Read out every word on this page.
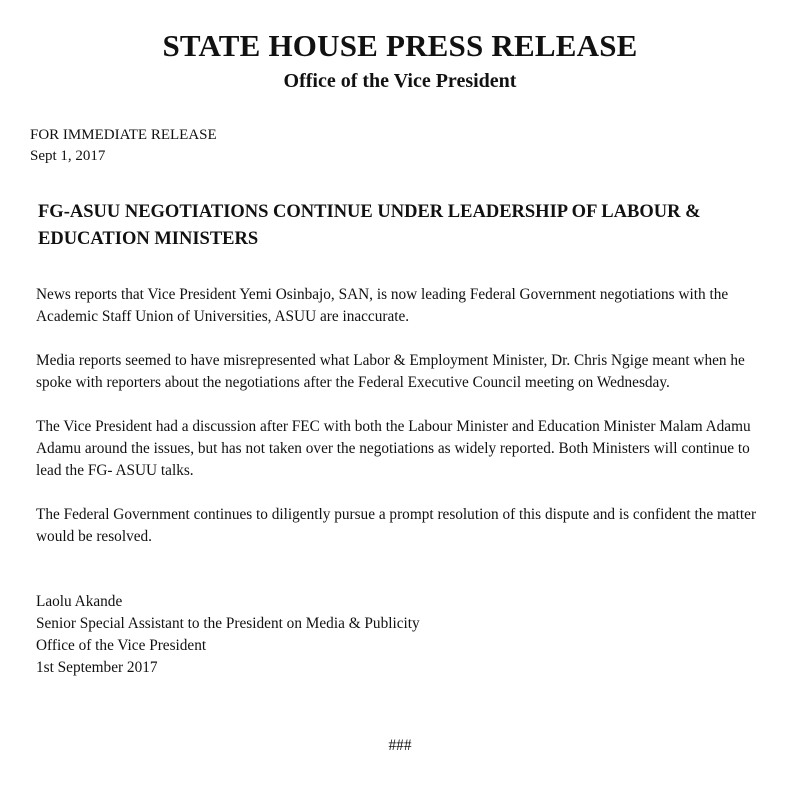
STATE HOUSE PRESS RELEASE
Office of the Vice President
FOR IMMEDIATE RELEASE
Sept 1, 2017
FG-ASUU NEGOTIATIONS CONTINUE UNDER LEADERSHIP OF LABOUR & EDUCATION MINISTERS

News reports that Vice President Yemi Osinbajo, SAN, is now leading Federal Government negotiations with the Academic Staff Union of Universities, ASUU are inaccurate.

Media reports seemed to have misrepresented what Labor & Employment Minister, Dr. Chris Ngige meant when he spoke with reporters about the negotiations after the Federal Executive Council meeting on Wednesday.

The Vice President had a discussion after FEC with both the Labour Minister and Education Minister Malam Adamu Adamu around the issues, but has not taken over the negotiations as widely reported. Both Ministers will continue to lead the FG- ASUU talks.

The Federal Government continues to diligently pursue a prompt resolution of this dispute and is confident the matter would be resolved.

Laolu Akande
Senior Special Assistant to the President on Media & Publicity
Office of the Vice President
1st September 2017
###
